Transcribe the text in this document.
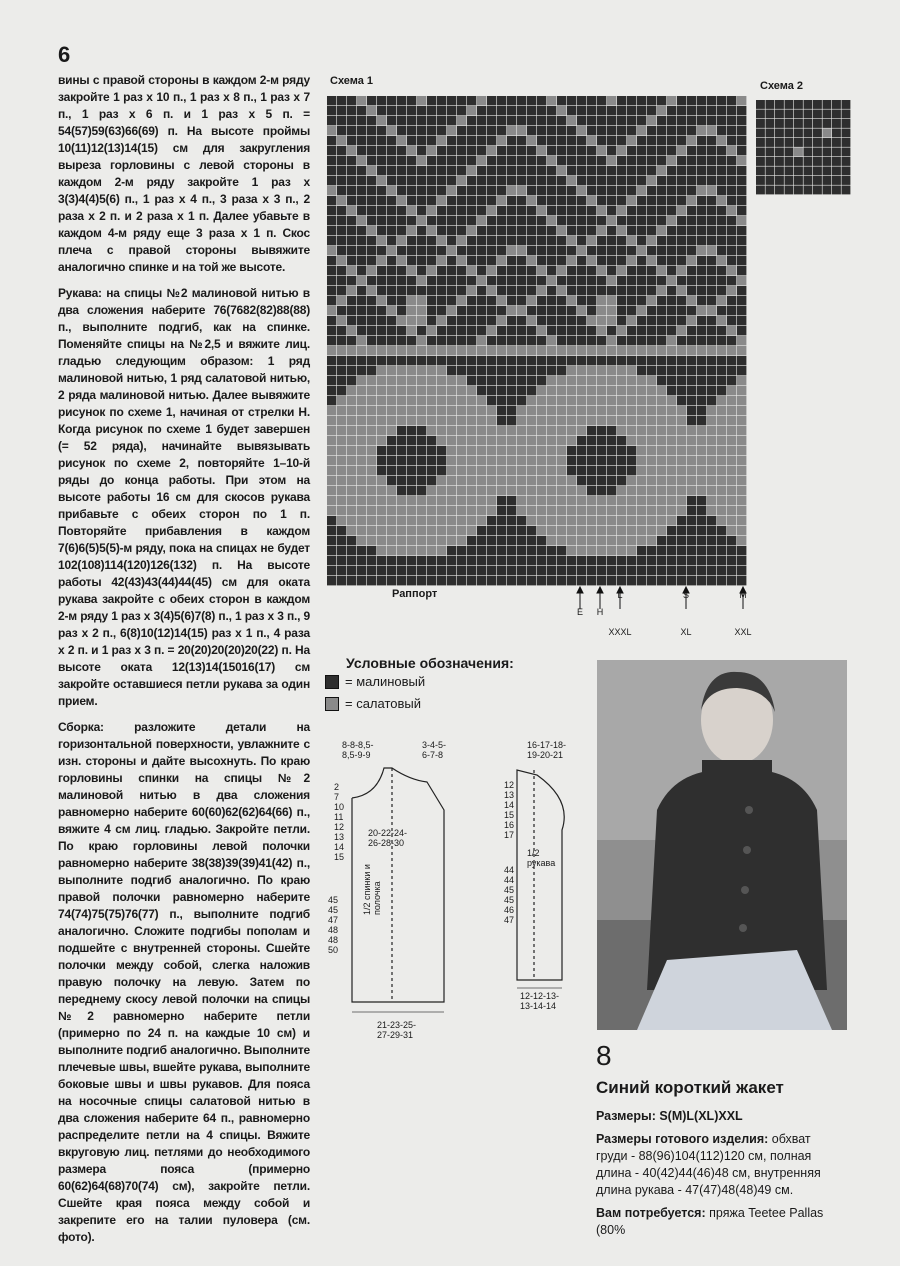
6

вины с правой стороны в каждом 2-м ряду закройте 1 раз х 10 п., 1 раз х 8 п., 1 раз х 7 п., 1 раз х 6 п. и 1 раз х 5 п. = 54(57)59(63)66(69) п. На высоте проймы 10(11)12(13)14(15) см для закругления выреза горловины с левой стороны в каждом 2-м ряду закройте 1 раз х 3(3)4(4)5(6) п., 1 раз х 4 п., 3 раза х 3 п., 2 раза х 2 п. и 2 раза х 1 п. Далее убавьте в каждом 4-м ряду еще 3 раза х 1 п. Скос плеча с правой стороны вывяжите аналогично спинке и на той же высоте.

Рукава: на спицы №2 малиновой нитью в два сложения наберите 76(7682(82)88(88) п., выполните подгиб, как на спинке. Поменяйте спицы на №2,5 и вяжите лиц. гладью следующим образом: 1 ряд малиновой нитью, 1 ряд салатовой нитью, 2 ряда малиновой нитью. Далее вывяжите рисунок по схеме 1, начиная от стрелки Н. Когда рисунок по схеме 1 будет завершен (= 52 ряда), начинайте вывязывать рисунок по схеме 2, повторяйте 1–10-й ряды до конца работы. При этом на высоте работы 16 см для скосов рукава прибавьте с обеих сторон по 1 п. Повторяйте прибавления в каждом 7(6)6(5)5(5)-м ряду, пока на спицах не будет 102(108)114(120)126(132) п. На высоте работы 42(43)43(44)44(45) см для оката рукава закройте с обеих сторон в каждом 2-м ряду 1 раз х 3(4)5(6)7(8) п., 1 раз х 3 п., 9 раз х 2 п., 6(8)10(12)14(15) раз х 1 п., 4 раза х 2 п. и 1 раз х 3 п. = 20(20)20(20)20(22) п. На высоте оката 12(13)14(15016(17) см закройте оставшиеся петли рукава за один прием.

Сборка: разложите детали на горизонтальной поверхности, увлажните с изн. стороны и дайте высохнуть. По краю горловины спинки на спицы №2 малиновой нитью в два сложения равномерно наберите 60(60)62(62)64(66) п., вяжите 4 см лиц. гладью. Закройте петли. По краю горловины левой полочки равномерно наберите 38(38)39(39)41(42) п., выполните подгиб аналогично. По краю правой полочки равномерно наберите 74(74)75(75)76(77) п., выполните подгиб аналогично. Сложите подгибы пополам и подшейте с внутренней стороны. Сшейте полочки между собой, слегка наложив правую полочку на левую. Затем по переднему скосу левой полочки на спицы №2 равномерно наберите петли (примерно по 24 п. на каждые 10 см) и выполните подгиб аналогично. Выполните плечевые швы, вшейте рукава, выполните боковые швы и швы рукавов. Для пояса на носочные спицы салатовой нитью в два сложения наберите 64 п., равномерно распределите петли на 4 спицы. Вяжите вкруговую лиц. петлями до необходимого размера пояса (примерно 60(62)64(68)70(74) см), закройте петли. Сшейте края пояса между собой и закрепите его на талии пуловера (см. фото).

Схема 1	Схема 2
Раппорт
E	H
L	S	M
XXXL	XL	XXL
Условные обозначения:
= малиновый
= салатовый
8-8-8,5-
8,5-9-9
3-4-5-
6-7-8
16-17-18-
19-20-21
2
7
10
11
12
13
14
15
45
45
47
48
48
50
20-22-24-
26-28-30
1/2 спинки и полочка
12
13
14
15
16
17
44
44
45
45
46
47
1/2
рукава
12-12-13-
13-14-14
21-23-25-
27-29-31
8
Синий короткий жакет

Размеры: S(M)L(XL)XXL

Размеры готового изделия: обхват груди - 88(96)104(112)120 см, полная длина - 40(42)44(46)48 см, внутренняя длина рукава - 47(47)48(48)49 см.

Вам потребуется: пряжа Teetee Pallas (80%
